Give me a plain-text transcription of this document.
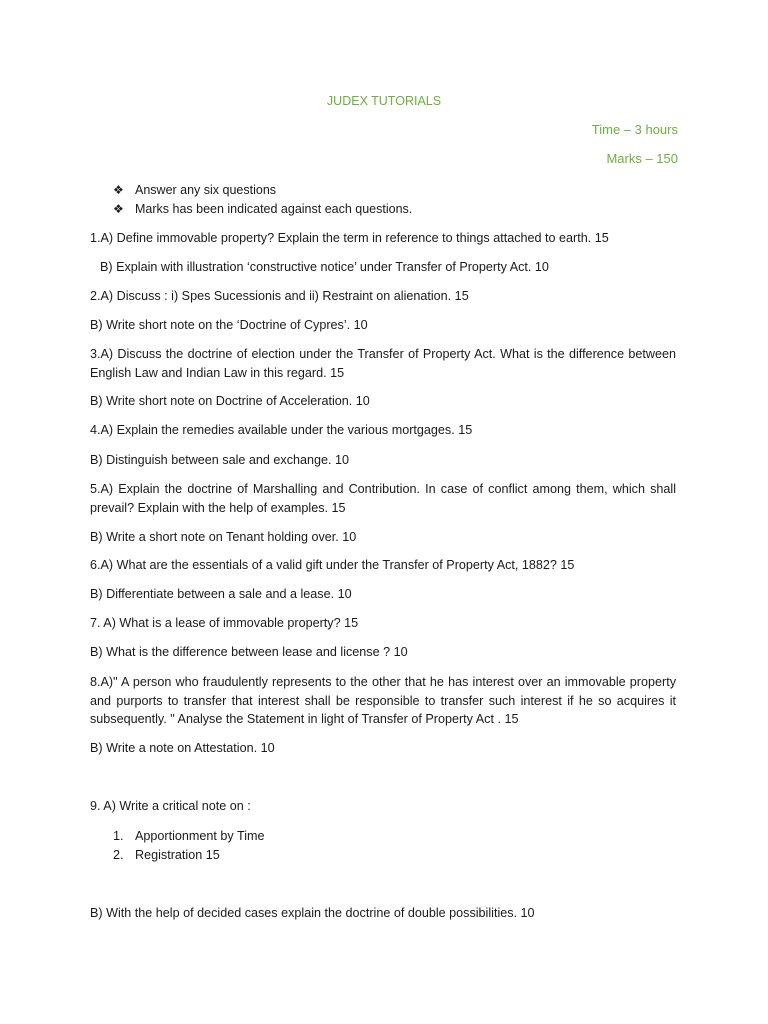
JUDEX TUTORIALS
Time – 3 hours
Marks – 150
❖ Answer any six questions
❖ Marks has been indicated against each questions.
1.A) Define immovable property? Explain the term in reference to things attached to earth. 15
B) Explain with illustration ‘constructive notice’ under Transfer of Property Act. 10
2.A) Discuss : i) Spes Sucessionis and ii) Restraint on alienation. 15
B) Write short note on the ‘Doctrine of Cypres’. 10
3.A) Discuss the doctrine of election under the Transfer of Property Act. What is the difference between English Law and Indian Law in this regard. 15
B) Write short note on Doctrine of Acceleration. 10
4.A) Explain the remedies available under the various mortgages. 15
B) Distinguish between sale and exchange. 10
5.A) Explain the doctrine of Marshalling and Contribution. In case of conflict among them, which shall prevail? Explain with the help of examples. 15
B) Write a short note on Tenant holding over. 10
6.A) What are the essentials of a valid gift under the Transfer of Property Act, 1882? 15
B) Differentiate between a sale and a lease. 10
7. A) What is a lease of immovable property? 15
B) What is the difference between lease and license ? 10
8.A)" A person who fraudulently represents to the other that he has interest over an immovable property and purports to transfer that interest shall be responsible to transfer such interest if he so acquires it subsequently. " Analyse the Statement in light of Transfer of Property Act . 15
B) Write a note on Attestation. 10
9. A) Write a critical note on :
1. Apportionment by Time
2. Registration 15
B) With the help of decided cases explain the doctrine of double possibilities. 10
